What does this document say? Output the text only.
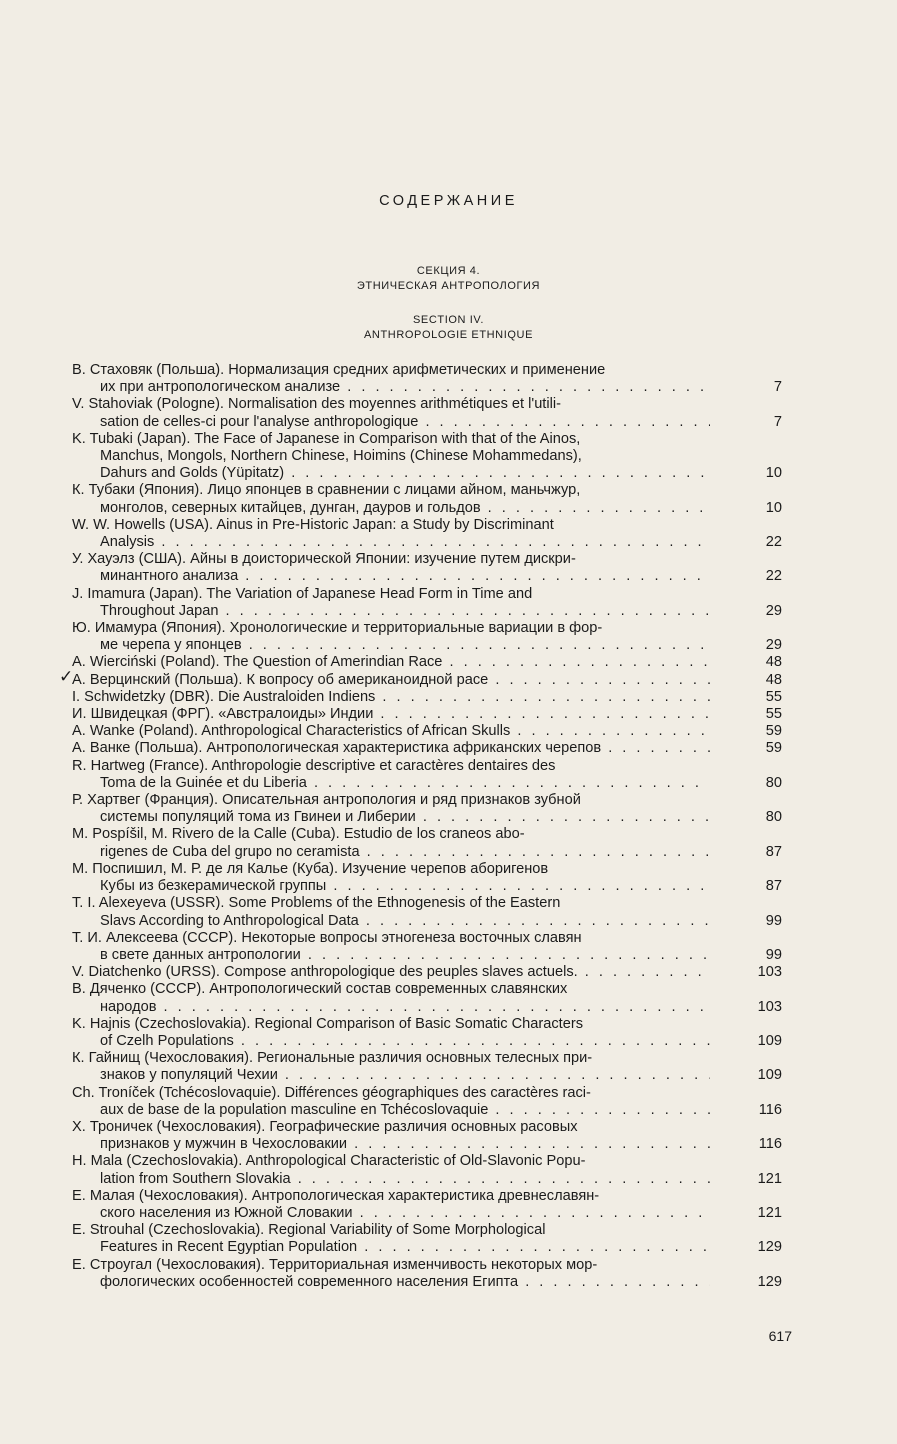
СОДЕРЖАНИЕ
СЕКЦИЯ 4.
ЭТНИЧЕСКАЯ АНТРОПОЛОГИЯ
SECTION IV.
ANTHROPOLOGIE ETHNIQUE
✓
В. Стаховяк (Польша). Нормализация средних арифметических и применение
их при антропологическом анализе . . .	7
V. Stahoviak (Pologne). Normalisation des moyennes arithmétiques et l'utili-
sation de celles-ci pour l'analyse anthropologique . . .	7
K. Tubaki (Japan). The Face of Japanese in Comparison with that of the Ainos,
Manchus, Mongols, Northern Chinese, Hoimins (Chinese Mohammedans),
Dahurs and Golds (Yüpitatz) . . .	10
К. Тубаки (Япония). Лицо японцев в сравнении с лицами айном, маньчжур,
монголов, северных китайцев, дунган, дауров и гольдов . . .	10
W. W. Howells (USA). Ainus in Pre-Historic Japan: a Study by Discriminant
Analysis . . .	22
У. Хауэлз (США). Айны в доисторической Японии: изучение путем дискри-
минантного анализа . . .	22
J. Imamura (Japan). The Variation of Japanese Head Form in Time and
Throughout Japan . . .	29
Ю. Имамура (Япония). Хронологические и территориальные вариации в фор-
ме черепа у японцев . . .	29
A. Wierciński (Poland). The Question of Amerindian Race . . .	48
А. Верцинский (Польша). К вопросу об американоидной расе . . .	48
I. Schwidetzky (DBR). Die Australoiden Indiens . . .	55
И. Швидецкая (ФРГ). «Австралоиды» Индии . . .	55
A. Wanke (Poland). Anthropological Characteristics of African Skulls . . .	59
А. Ванке (Польша). Антропологическая характеристика африканских черепов . . .	59
R. Hartweg (France). Anthropologie descriptive et caractères dentaires des
Toma de la Guinée et du Liberia . . .	80
Р. Хартвег (Франция). Описательная антропология и ряд признаков зубной
системы популяций тома из Гвинеи и Либерии . . .	80
M. Pospíšil, M. Rivero de la Calle (Cuba). Estudio de los craneos abo-
rigenes de Cuba del grupo no ceramista . . .	87
М. Поспишил, М. Р. де ля Калье (Куба). Изучение черепов аборигенов
Кубы из безкерамической группы . . .	87
T. I. Alexeyeva (USSR). Some Problems of the Ethnogenesis of the Eastern
Slavs According to Anthropological Data . . .	99
Т. И. Алексеева (СССР). Некоторые вопросы этногенеза восточных славян
в свете данных антропологии . . .	99
V. Diatchenko (URSS). Compose anthropologique des peuples slaves actuels. . . .	103
В. Дяченко (СССР). Антропологический состав современных славянских
народов . . .	103
K. Hajnis (Czechoslovakia). Regional Comparison of Basic Somatic Characters
of Czelh Populations . . .	109
К. Гайнищ (Чехословакия). Региональные различия основных телесных при-
знаков у популяций Чехии . . .	109
Ch. Troníček (Tchécoslovaquie). Différences géographiques des caractères raci-
aux de base de la population masculine en Tchécoslovaquie . . .	116
Х. Троничек (Чехословакия). Географические различия основных расовых
признаков у мужчин в Чехословакии . . .	116
H. Mala (Czechoslovakia). Anthropological Characteristic of Old-Slavonic Popu-
lation from Southern Slovakia . . .	121
Е. Малая (Чехословакия). Антропологическая характеристика древнеславян-
ского населения из Южной Словакии . . .	121
E. Strouhal (Czechoslovakia). Regional Variability of Some Morphological
Features in Recent Egyptian Population . . .	129
Е. Строугал (Чехословакия). Территориальная изменчивость некоторых мор-
фологических особенностей современного населения Египта . . .	129
617
